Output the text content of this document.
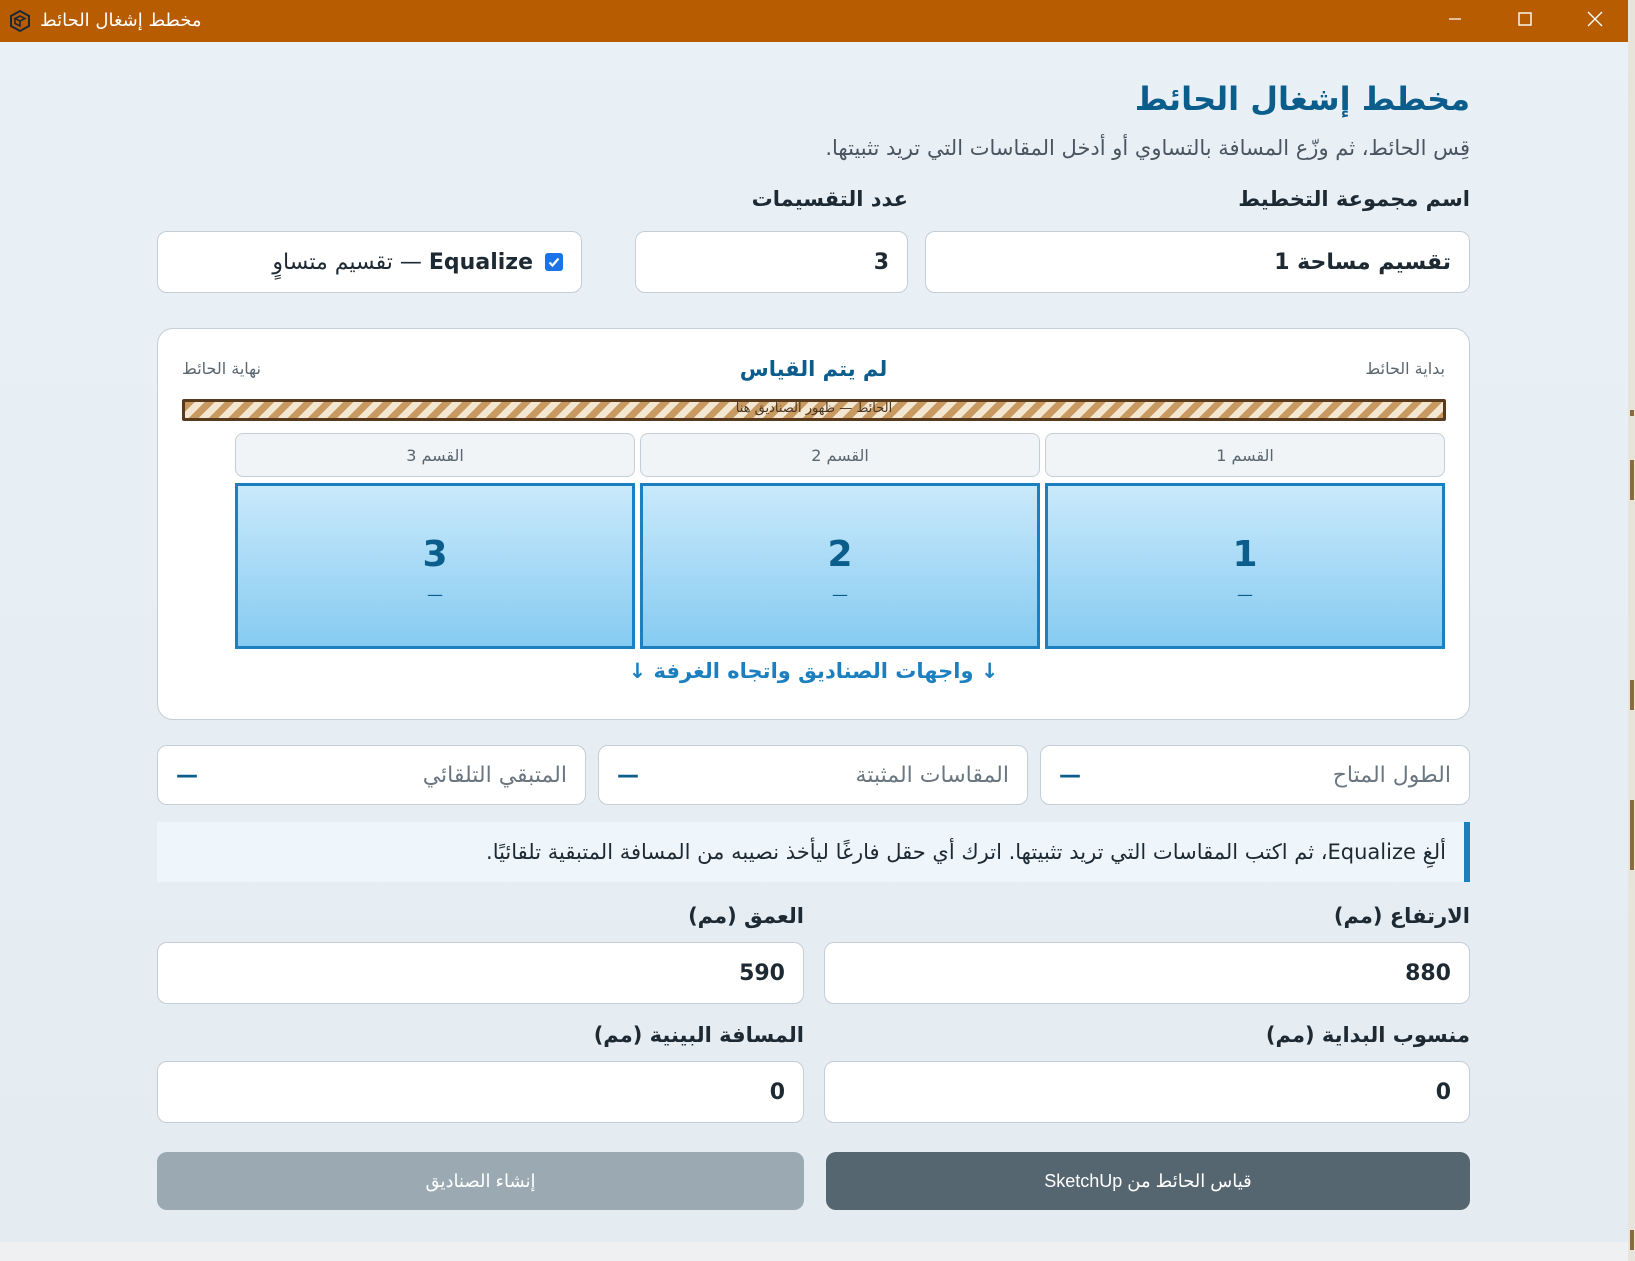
مخطط إشغال الحائط
مخطط إشغال الحائط

قِس الحائط، ثم وزّع المسافة بالتساوي أو أدخل المقاسات التي تريد تثبيتها.

اسم مجموعة التخطيط
تقسيم مساحة 1
عدد التقسيمات
3
Equalize — تقسيم متساوٍ
بداية الحائط
نهاية الحائط	لم يتم القياس
الحائط — ظهور الصناديق هنا
القسم 1
القسم 2
القسم 3
1
—
2
—
3
—
↓ واجهات الصناديق واتجاه الغرفة ↓
الطول المتاح
—
المقاسات المثبتة
—
المتبقي التلقائي
—
ألغِ Equalize، ثم اكتب المقاسات التي تريد تثبيتها. اترك أي حقل فارغًا ليأخذ نصيبه من المسافة المتبقية تلقائيًا.
الارتفاع (مم)
880
العمق (مم)
590
منسوب البداية (مم)
0
المسافة البينية (مم)
0
قياس الحائط من SketchUp
إنشاء الصناديق
